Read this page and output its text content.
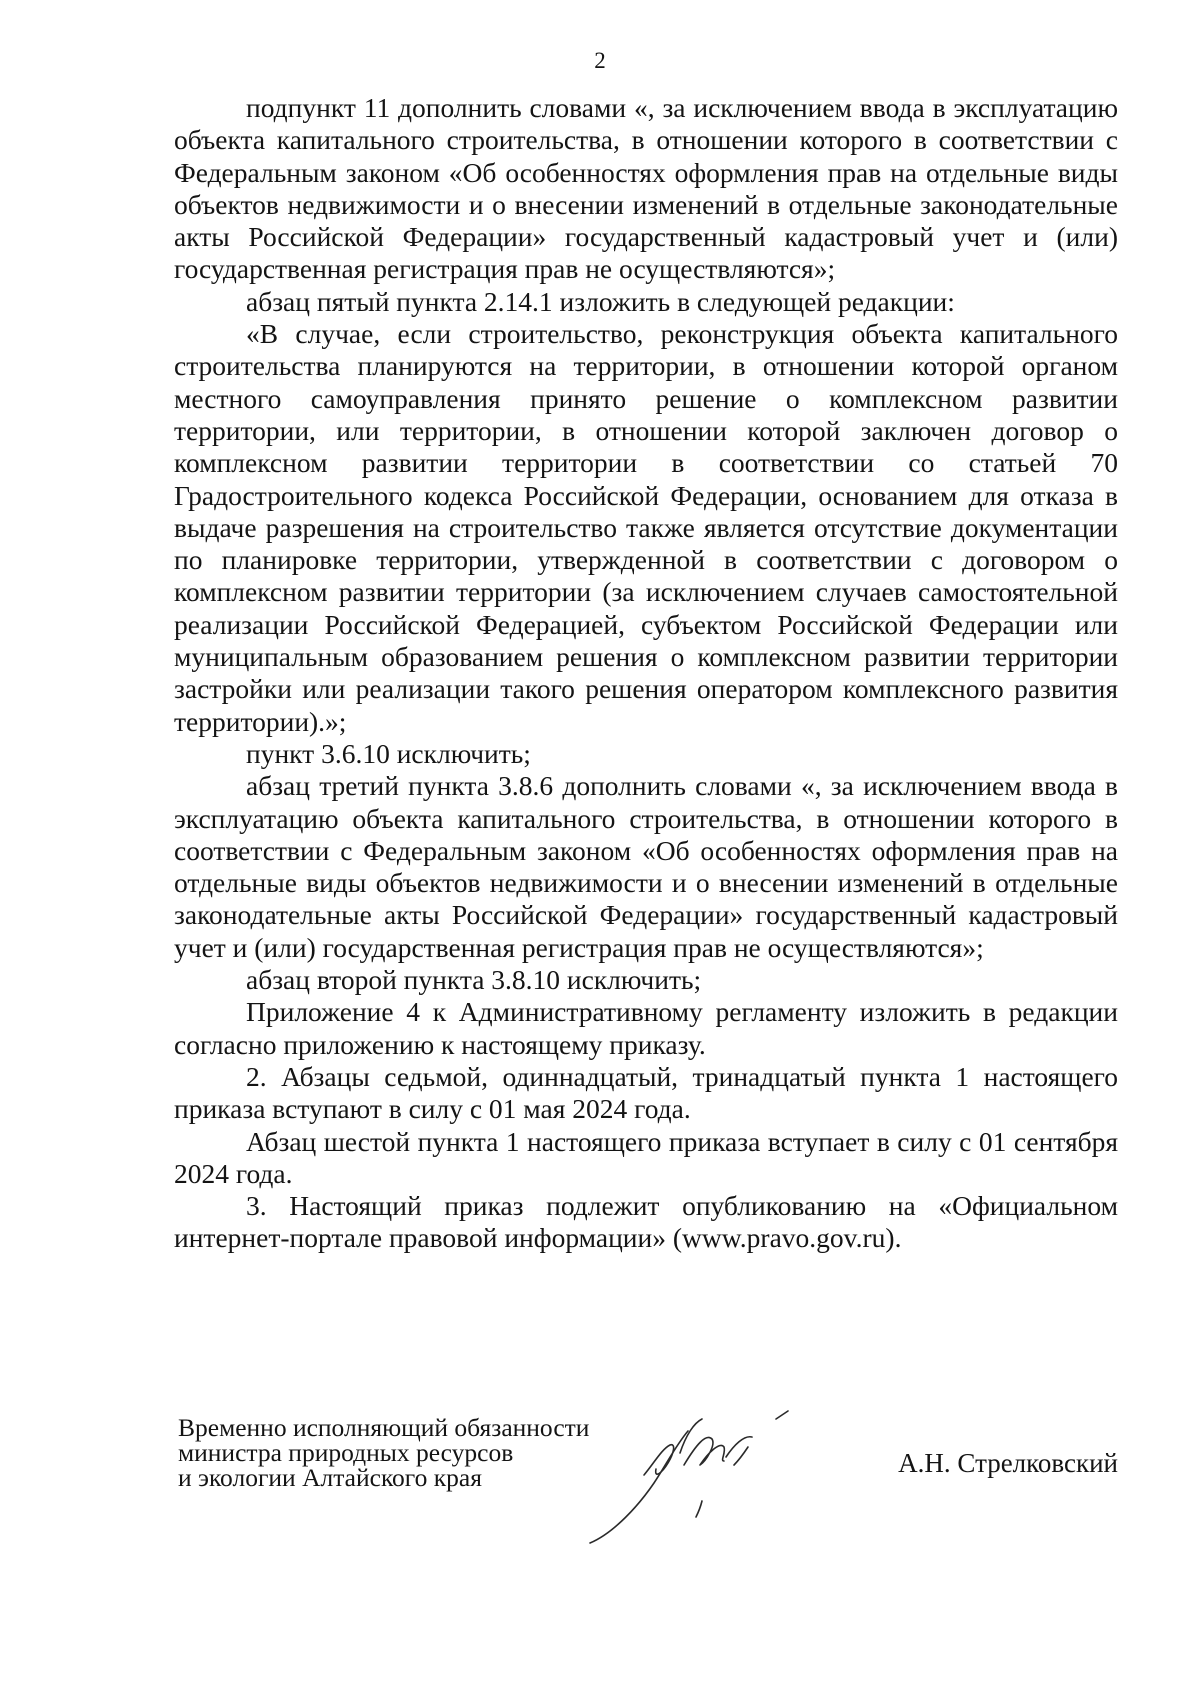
2

подпункт 11 дополнить словами «, за исключением ввода в эксплуатацию объекта капитального строительства, в отношении которого в соответствии с Федеральным законом «Об особенностях оформления прав на отдельные виды объектов недвижимости и о внесении изменений в отдельные законодательные акты Российской Федерации» государственный кадастровый учет и (или) государственная регистрация прав не осуществляются»;

абзац пятый пункта 2.14.1 изложить в следующей редакции:

«В случае, если строительство, реконструкция объекта капитального строительства планируются на территории, в отношении которой органом местного самоуправления принято решение о комплексном развитии территории, или территории, в отношении которой заключен договор о комплексном развитии территории в соответствии со статьей 70 Градостроительного кодекса Российской Федерации, основанием для отказа в выдаче разрешения на строительство также является отсутствие документации по планировке территории, утвержденной в соответствии с договором о комплексном развитии территории (за исключением случаев самостоятельной реализации Российской Федерацией, субъектом Российской Федерации или муниципальным образованием решения о комплексном развитии территории застройки или реализации такого решения оператором комплексного развития территории).»;

пункт 3.6.10 исключить;

абзац третий пункта 3.8.6 дополнить словами «, за исключением ввода в эксплуатацию объекта капитального строительства, в отношении которого в соответствии с Федеральным законом «Об особенностях оформления прав на отдельные виды объектов недвижимости и о внесении изменений в отдельные законодательные акты Российской Федерации» государственный кадастровый учет и (или) государственная регистрация прав не осуществляются»;

абзац второй пункта 3.8.10 исключить;

Приложение 4 к Административному регламенту изложить в редакции согласно приложению к настоящему приказу.

2. Абзацы седьмой, одиннадцатый, тринадцатый пункта 1 настоящего приказа вступают в силу с 01 мая 2024 года.

Абзац шестой пункта 1 настоящего приказа вступает в силу с 01 сентября 2024 года.

3. Настоящий приказ подлежит опубликованию на «Официальном интернет-портале правовой информации» (www.pravo.gov.ru).

Временно исполняющий обязанности
министра природных ресурсов
и экологии Алтайского края	А.Н. Стрелковский
